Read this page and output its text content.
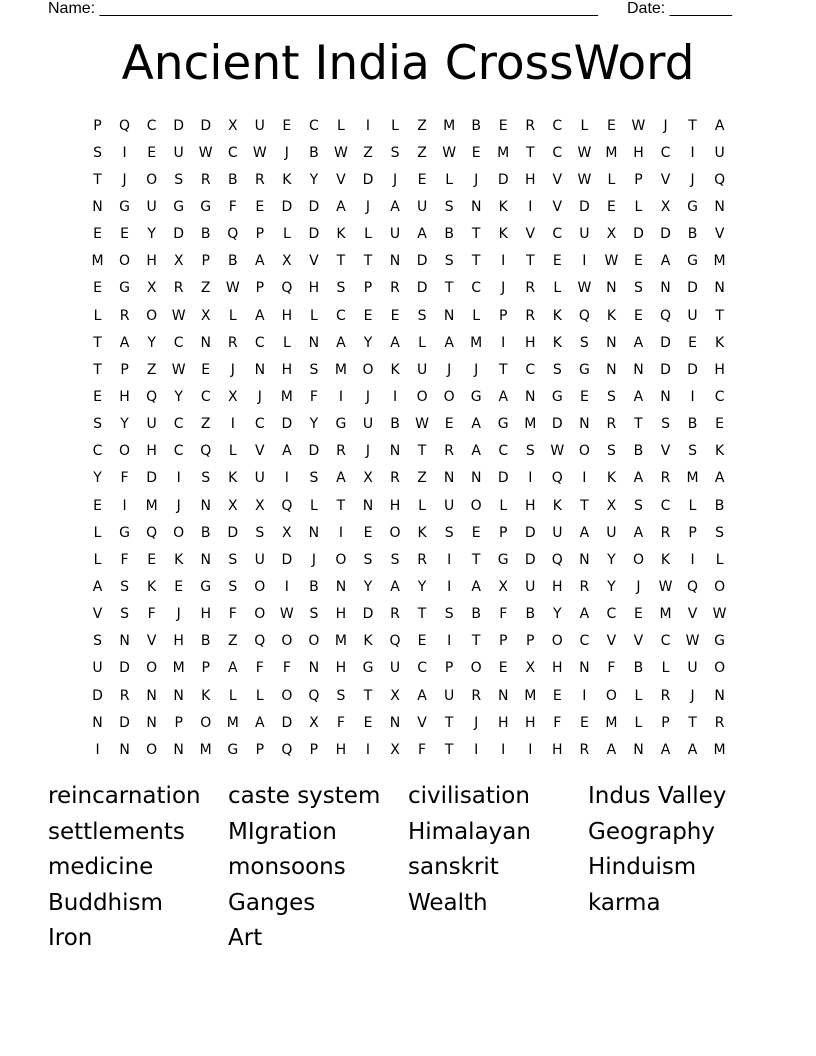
Name: ________________________________________________________ Date: _______
Ancient India CrossWord
P	Q	C	D	D	X	U	E	C	L	I	L	Z	M	B	E	R	C	L	E	W	J	T	A
S	I	E	U	W	C	W	J	B	W	Z	S	Z	W	E	M	T	C	W	M	H	C	I	U
T	J	O	S	R	B	R	K	Y	V	D	J	E	L	J	D	H	V	W	L	P	V	J	Q
N	G	U	G	G	F	E	D	D	A	J	A	U	S	N	K	I	V	D	E	L	X	G	N
E	E	Y	D	B	Q	P	L	D	K	L	U	A	B	T	K	V	C	U	X	D	D	B	V
M	O	H	X	P	B	A	X	V	T	T	N	D	S	T	I	T	E	I	W	E	A	G	M
E	G	X	R	Z	W	P	Q	H	S	P	R	D	T	C	J	R	L	W	N	S	N	D	N
L	R	O	W	X	L	A	H	L	C	E	E	S	N	L	P	R	K	Q	K	E	Q	U	T
T	A	Y	C	N	R	C	L	N	A	Y	A	L	A	M	I	H	K	S	N	A	D	E	K
T	P	Z	W	E	J	N	H	S	M	O	K	U	J	J	T	C	S	G	N	N	D	D	H
E	H	Q	Y	C	X	J	M	F	I	J	I	O	O	G	A	N	G	E	S	A	N	I	C
S	Y	U	C	Z	I	C	D	Y	G	U	B	W	E	A	G	M	D	N	R	T	S	B	E
C	O	H	C	Q	L	V	A	D	R	J	N	T	R	A	C	S	W	O	S	B	V	S	K
Y	F	D	I	S	K	U	I	S	A	X	R	Z	N	N	D	I	Q	I	K	A	R	M	A
E	I	M	J	N	X	X	Q	L	T	N	H	L	U	O	L	H	K	T	X	S	C	L	B
L	G	Q	O	B	D	S	X	N	I	E	O	K	S	E	P	D	U	A	U	A	R	P	S
L	F	E	K	N	S	U	D	J	O	S	S	R	I	T	G	D	Q	N	Y	O	K	I	L
A	S	K	E	G	S	O	I	B	N	Y	A	Y	I	A	X	U	H	R	Y	J	W	Q	O
V	S	F	J	H	F	O	W	S	H	D	R	T	S	B	F	B	Y	A	C	E	M	V	W
S	N	V	H	B	Z	Q	O	O	M	K	Q	E	I	T	P	P	O	C	V	V	C	W	G
U	D	O	M	P	A	F	F	N	H	G	U	C	P	O	E	X	H	N	F	B	L	U	O
D	R	N	N	K	L	L	O	Q	S	T	X	A	U	R	N	M	E	I	O	L	R	J	N
N	D	N	P	O	M	A	D	X	F	E	N	V	T	J	H	H	F	E	M	L	P	T	R
I	N	O	N	M	G	P	Q	P	H	I	X	F	T	I	I	I	H	R	A	N	A	A	M
reincarnation	caste system	civilisation	Indus Valley
settlements	MIgration	Himalayan	Geography
medicine	monsoons	sanskrit	Hinduism
Buddhism	Ganges	Wealth	karma
Iron	Art
